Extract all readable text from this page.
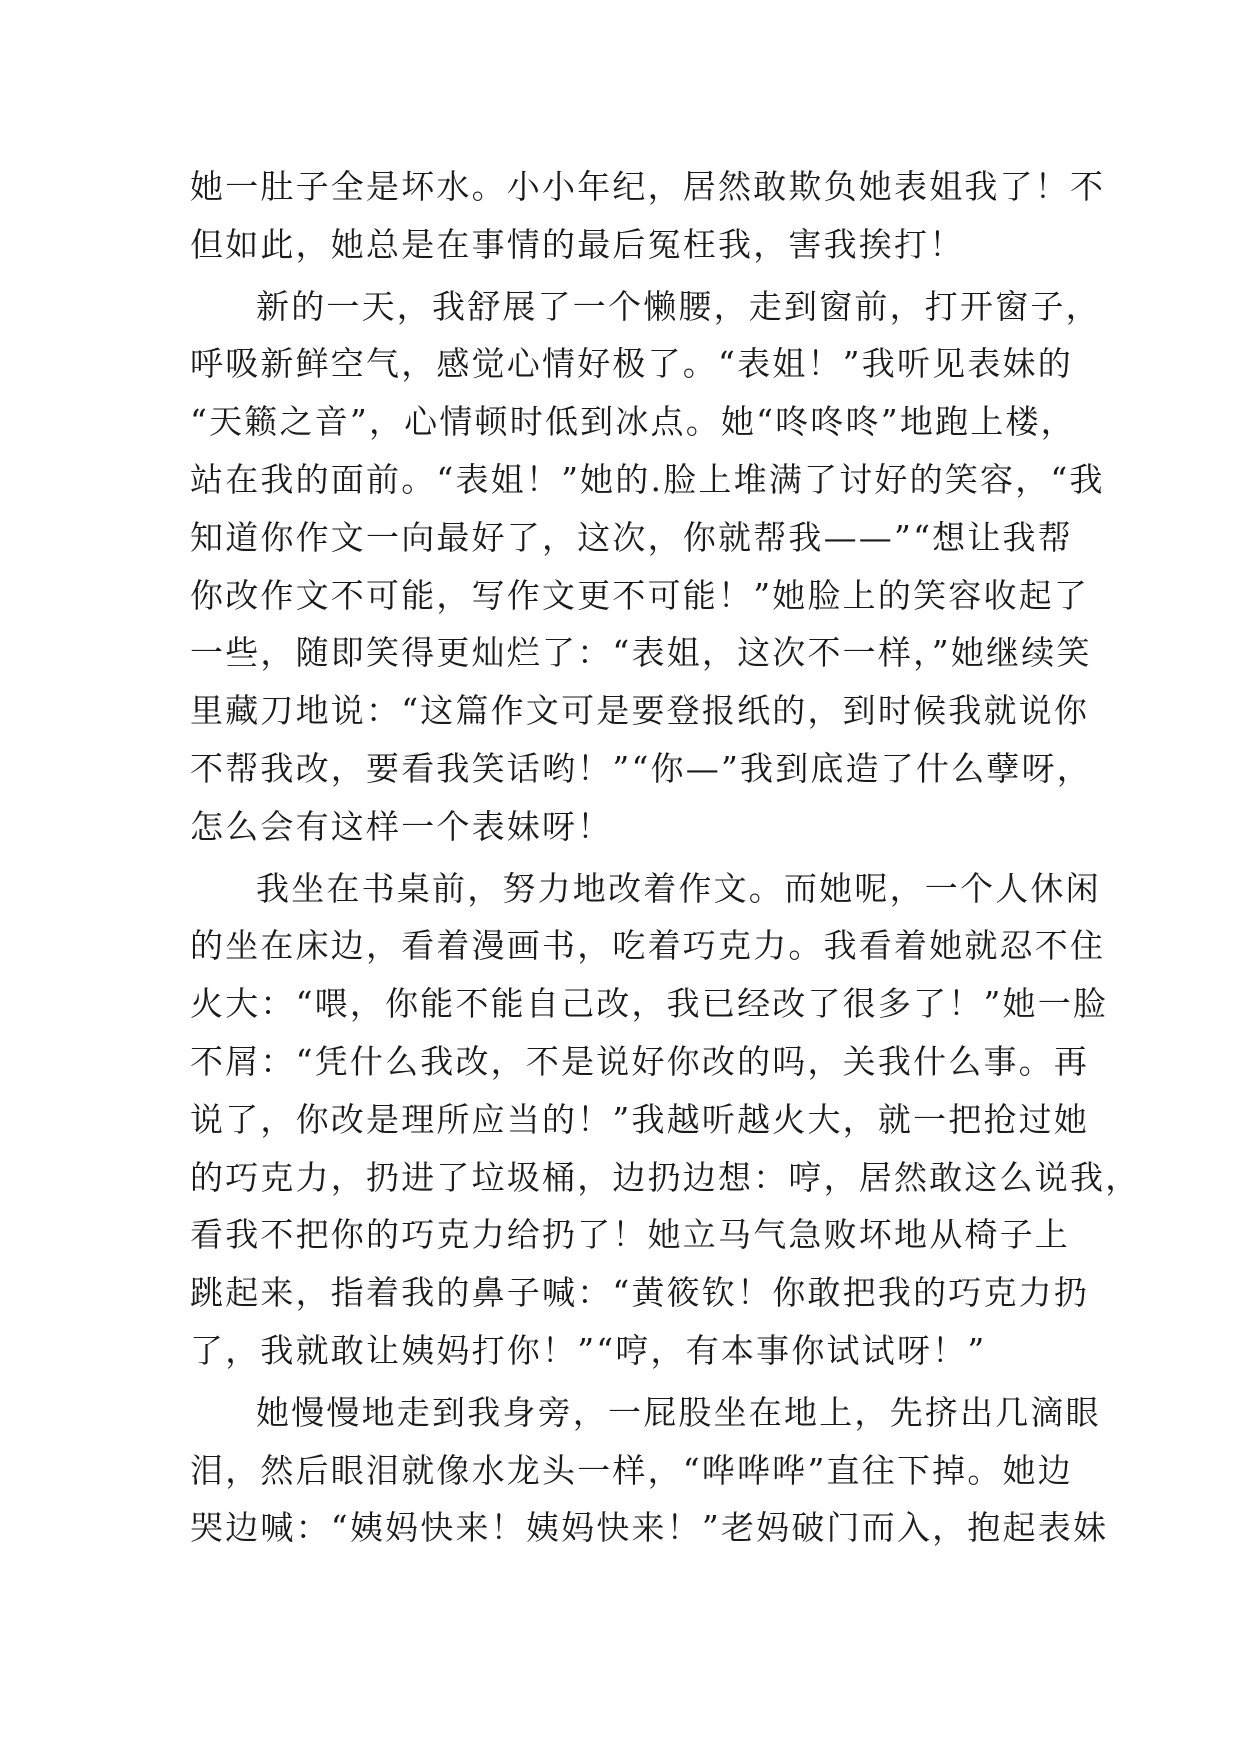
她一肚子全是坏水。小小年纪，居然敢欺负她表姐我了！不
但如此，她总是在事情的最后冤枉我，害我挨打！
新的一天，我舒展了一个懒腰，走到窗前，打开窗子，
呼吸新鲜空气，感觉心情好极了。“表姐！”我听见表妹的
“天籁之音”，心情顿时低到冰点。她“咚咚咚”地跑上楼，
站在我的面前。“表姐！”她的.脸上堆满了讨好的笑容，“我
知道你作文一向最好了，这次，你就帮我——”“想让我帮
你改作文不可能，写作文更不可能！”她脸上的笑容收起了
一些，随即笑得更灿烂了：“表姐，这次不一样，”她继续笑
里藏刀地说：“这篇作文可是要登报纸的，到时候我就说你
不帮我改，要看我笑话哟！”“你—”我到底造了什么孽呀，
怎么会有这样一个表妹呀！
我坐在书桌前，努力地改着作文。而她呢，一个人休闲
的坐在床边，看着漫画书，吃着巧克力。我看着她就忍不住
火大：“喂，你能不能自己改，我已经改了很多了！”她一脸
不屑：“凭什么我改，不是说好你改的吗，关我什么事。再
说了，你改是理所应当的！”我越听越火大，就一把抢过她
的巧克力，扔进了垃圾桶，边扔边想：哼，居然敢这么说我，
看我不把你的巧克力给扔了！她立马气急败坏地从椅子上
跳起来，指着我的鼻子喊：“黄筱钦！你敢把我的巧克力扔
了，我就敢让姨妈打你！”“哼，有本事你试试呀！”
她慢慢地走到我身旁，一屁股坐在地上，先挤出几滴眼
泪，然后眼泪就像水龙头一样，“哗哗哗”直往下掉。她边
哭边喊：“姨妈快来！姨妈快来！”老妈破门而入，抱起表妹
